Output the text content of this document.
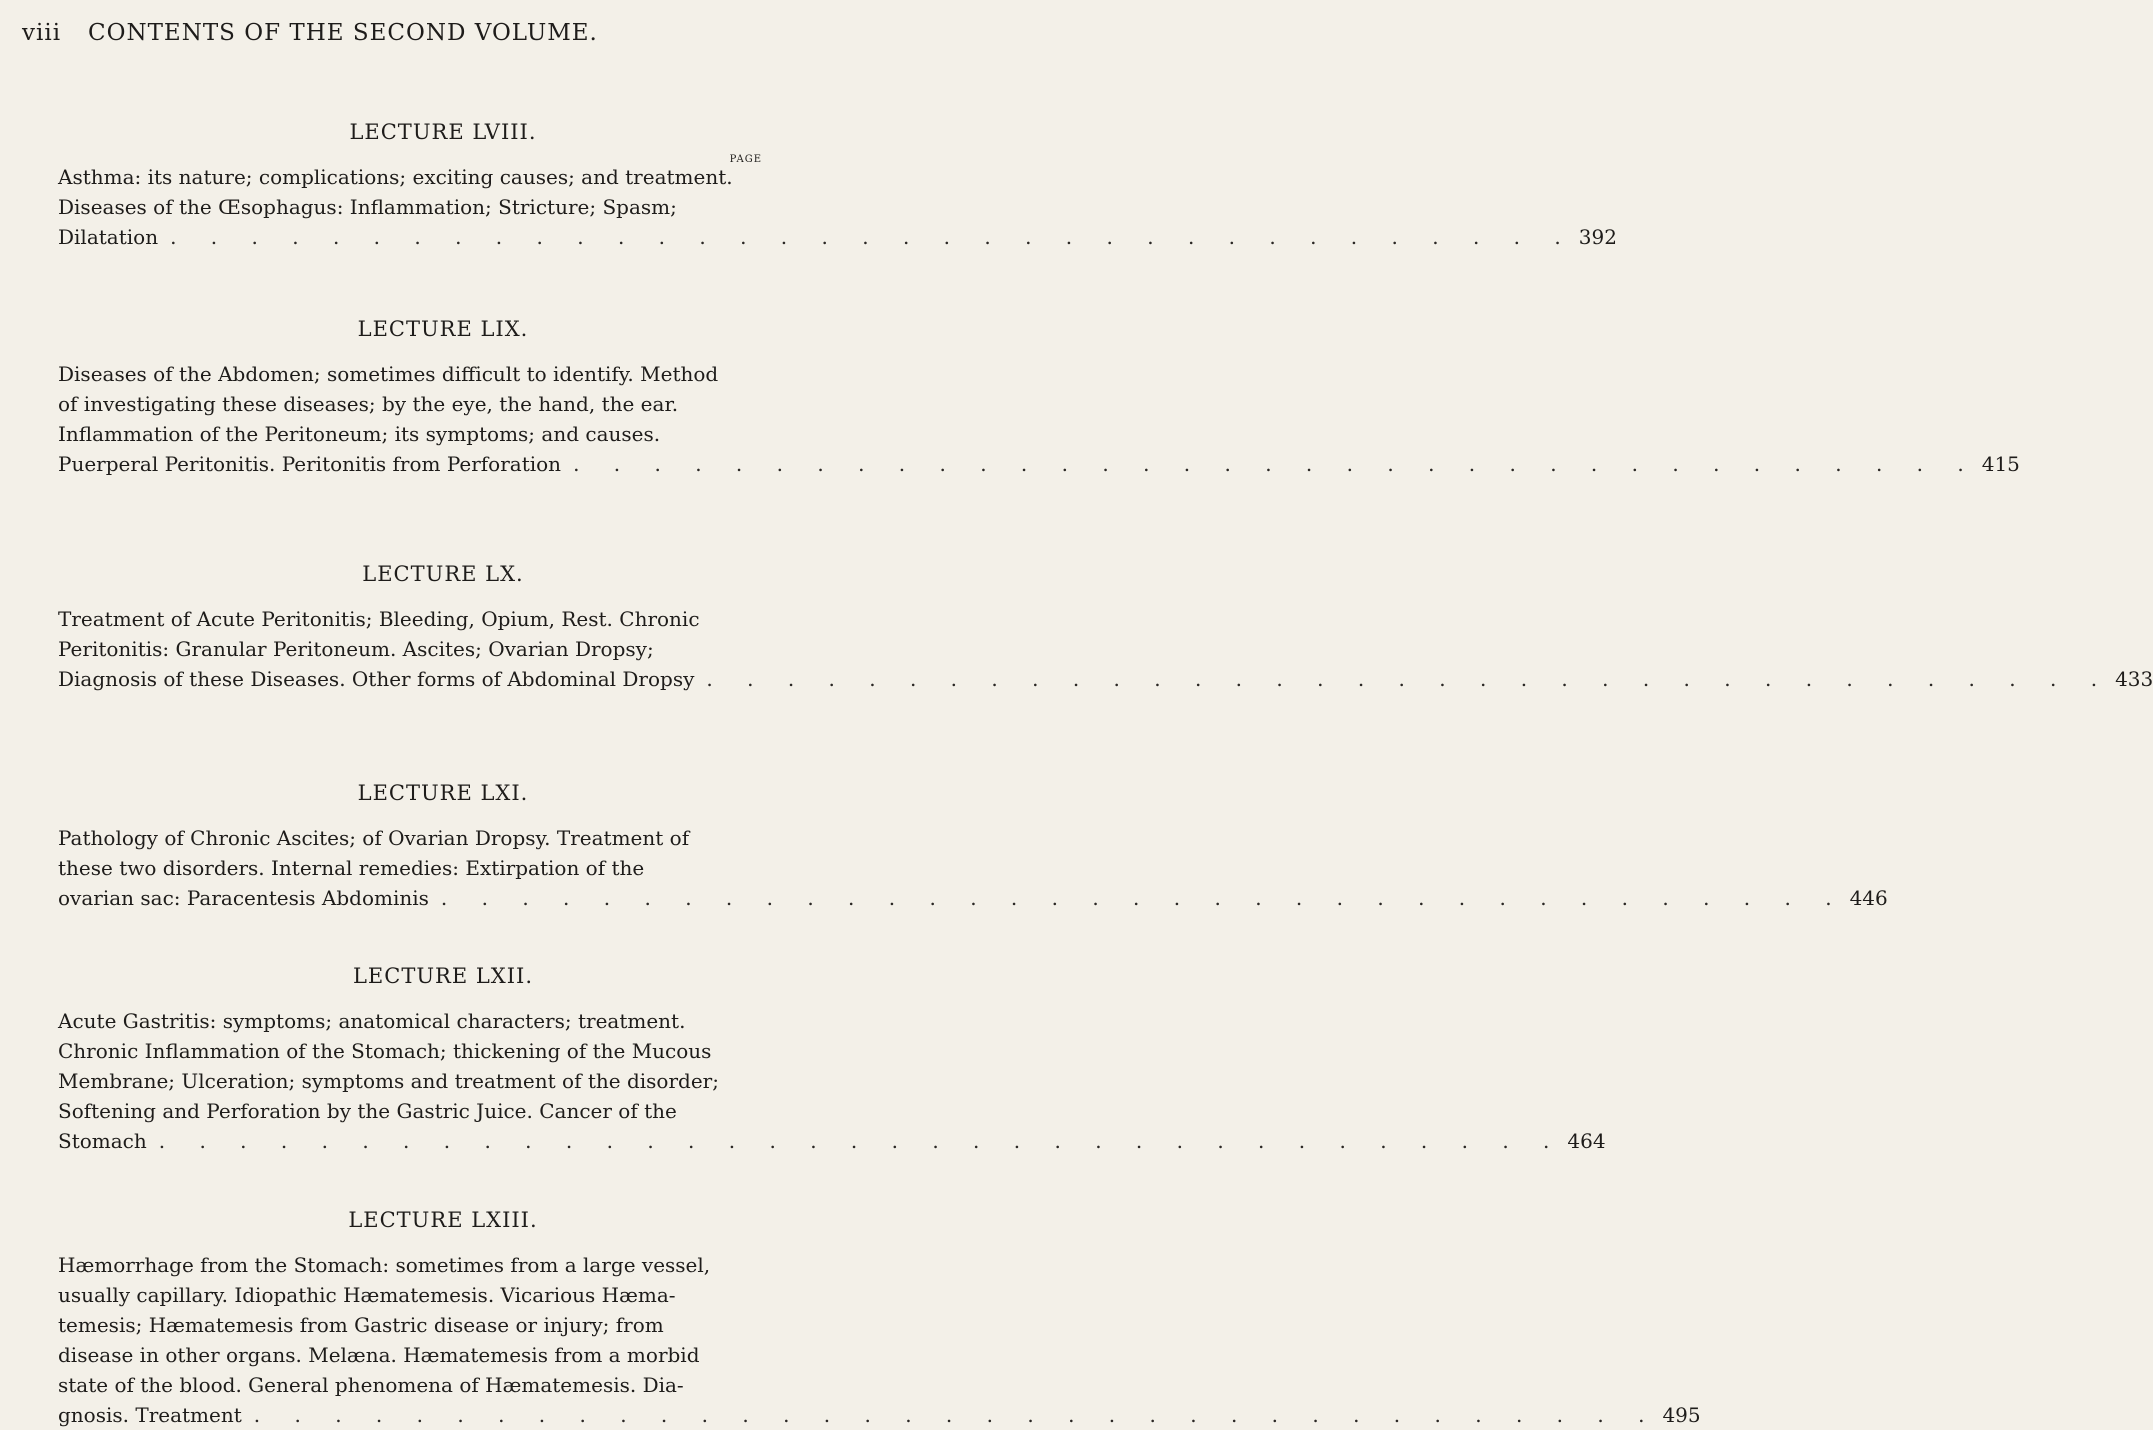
viii CONTENTS OF THE SECOND VOLUME.
LECTURE LVIII.
PAGE
Asthma: its nature; complications; exciting causes; and treatment.
Diseases of the Œsophagus: Inflammation; Stricture; Spasm;
Dilatation . . . . . . . . . . . . . . . . . . . . . . . . . . . . . . . . . . . 392
LECTURE LIX.
Diseases of the Abdomen; sometimes difficult to identify. Method
of investigating these diseases; by the eye, the hand, the ear.
Inflammation of the Peritoneum; its symptoms; and causes.
Puerperal Peritonitis. Peritonitis from Perforation . . . . . . . . . . . . . . . . . . . . . . . . . . . . . . . . . . . 415
LECTURE LX.
Treatment of Acute Peritonitis; Bleeding, Opium, Rest. Chronic
Peritonitis: Granular Peritoneum. Ascites; Ovarian Dropsy;
Diagnosis of these Diseases. Other forms of Abdominal Dropsy . . . . . . . . . . . . . . . . . . . . . . . . . . . . . . . . . . . 433
LECTURE LXI.
Pathology of Chronic Ascites; of Ovarian Dropsy. Treatment of
these two disorders. Internal remedies: Extirpation of the
ovarian sac: Paracentesis Abdominis . . . . . . . . . . . . . . . . . . . . . . . . . . . . . . . . . . . 446
LECTURE LXII.
Acute Gastritis: symptoms; anatomical characters; treatment.
Chronic Inflammation of the Stomach; thickening of the Mucous
Membrane; Ulceration; symptoms and treatment of the disorder;
Softening and Perforation by the Gastric Juice. Cancer of the
Stomach . . . . . . . . . . . . . . . . . . . . . . . . . . . . . . . . . . . 464
LECTURE LXIII.
Hæmorrhage from the Stomach: sometimes from a large vessel,
usually capillary. Idiopathic Hæmatemesis. Vicarious Hæma-
temesis; Hæmatemesis from Gastric disease or injury; from
disease in other organs. Melæna. Hæmatemesis from a morbid
state of the blood. General phenomena of Hæmatemesis. Dia-
gnosis. Treatment . . . . . . . . . . . . . . . . . . . . . . . . . . . . . . . . . . . 495
